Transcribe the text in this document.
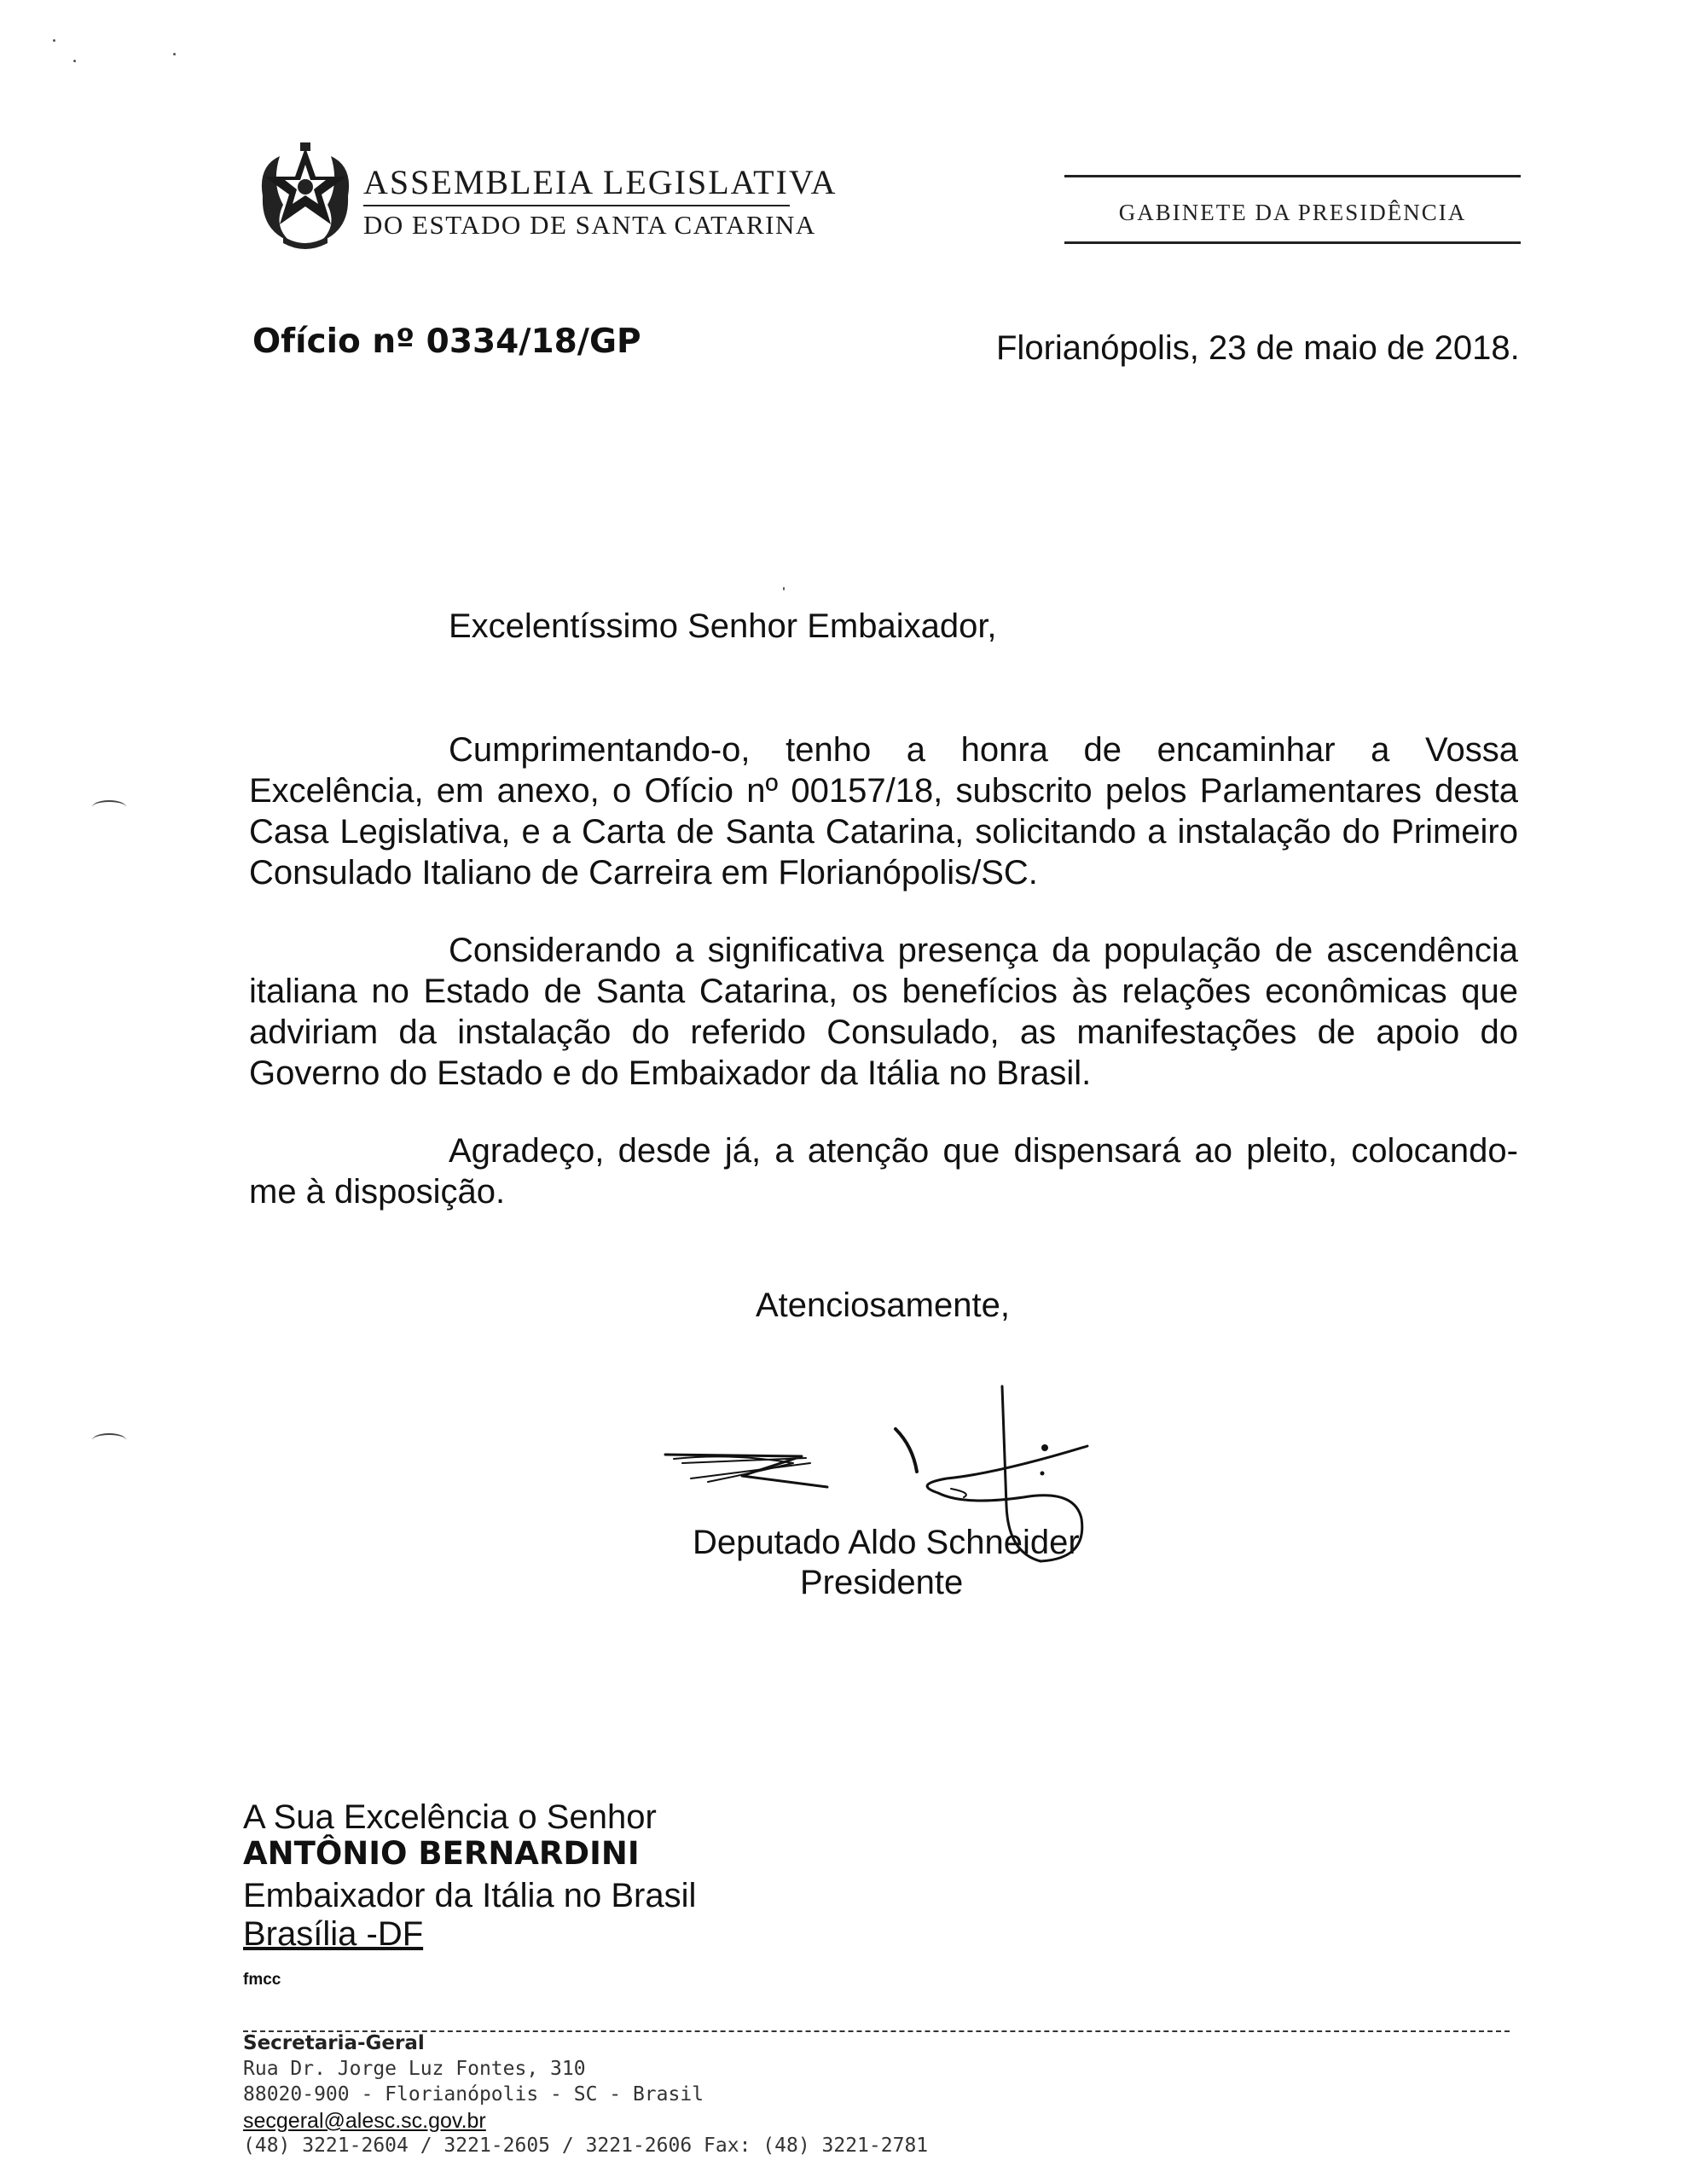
ASSEMBLEIA LEGISLATIVA
DO ESTADO DE SANTA CATARINA	GABINETE DA PRESIDÊNCIA
Ofício nº 0334/18/GP	Florianópolis, 23 de maio de 2018.
Excelentíssimo Senhor Embaixador,
Cumprimentando-o, tenho a honra de encaminhar a Vossa Excelência, em anexo, o Ofício nº 00157/18, subscrito pelos Parlamentares desta Casa Legislativa, e a Carta de Santa Catarina, solicitando a instalação do Primeiro Consulado Italiano de Carreira em Florianópolis/SC.
Considerando a significativa presença da população de ascendência italiana no Estado de Santa Catarina, os benefícios às relações econômicas que adviriam da instalação do referido Consulado, as manifestações de apoio do Governo do Estado e do Embaixador da Itália no Brasil.
Agradeço, desde já, a atenção que dispensará ao pleito, colocando-me à disposição.
Atenciosamente,
Deputado Aldo Schneider
Presidente
A Sua Excelência o Senhor
ANTÔNIO BERNARDINI
Embaixador da Itália no Brasil
Brasília -DF
fmcc
Secretaria-Geral
Rua Dr. Jorge Luz Fontes, 310
88020-900 - Florianópolis - SC - Brasil
secgeral@alesc.sc.gov.br
(48) 3221-2604 / 3221-2605 / 3221-2606 Fax: (48) 3221-2781
